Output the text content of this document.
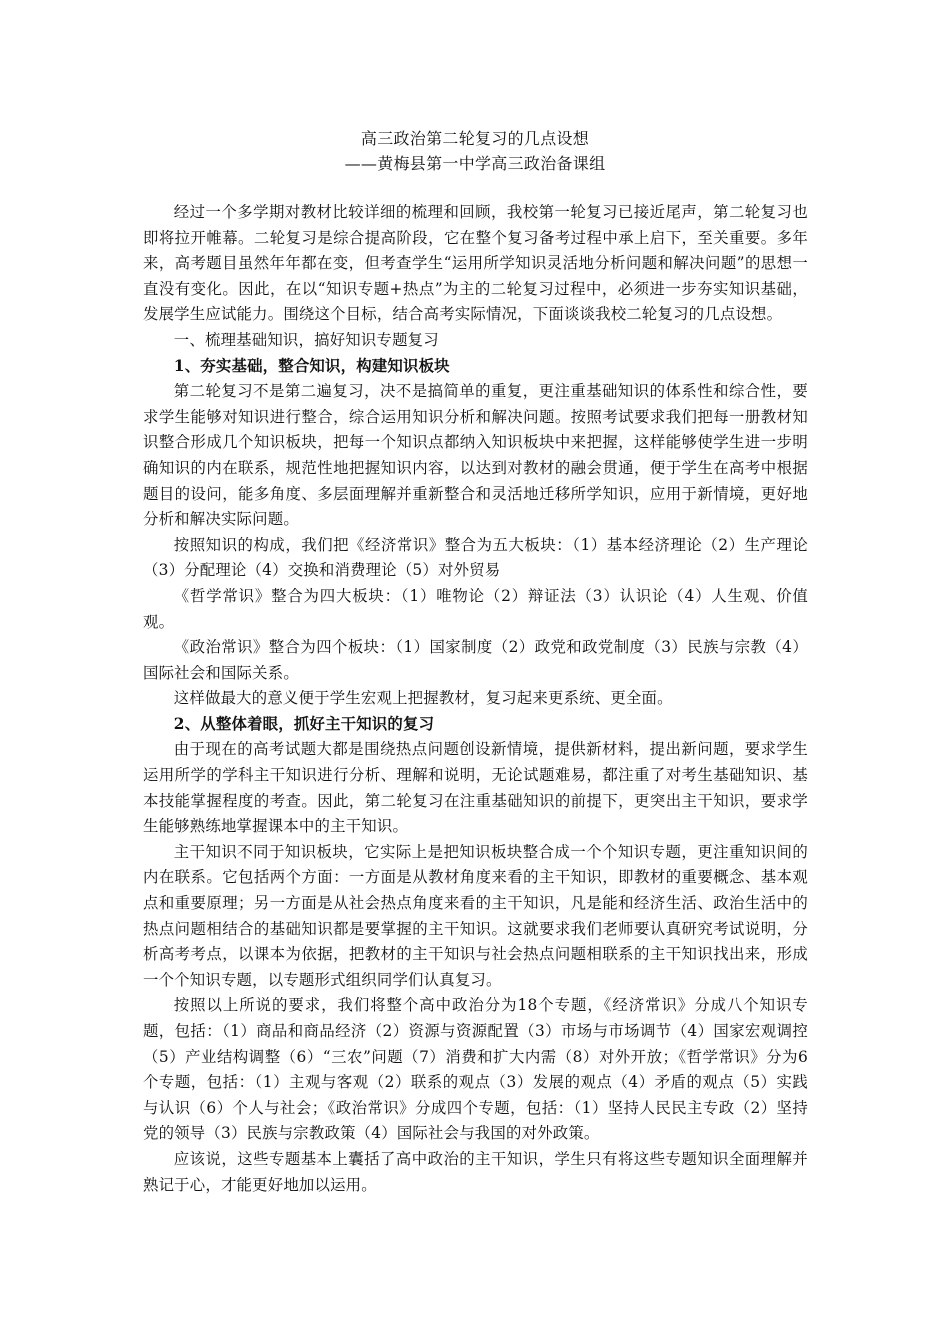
高三政治第二轮复习的几点设想
——黄梅县第一中学高三政治备课组

经过一个多学期对教材比较详细的梳理和回顾，我校第一轮复习已接近尾声，第二轮复习也即将拉开帷幕。二轮复习是综合提高阶段，它在整个复习备考过程中承上启下，至关重要。多年来，高考题目虽然年年都在变，但考查学生“运用所学知识灵活地分析问题和解决问题”的思想一直没有变化。因此，在以“知识专题+热点”为主的二轮复习过程中，必须进一步夯实知识基础，发展学生应试能力。围绕这个目标，结合高考实际情况，下面谈谈我校二轮复习的几点设想。

一、梳理基础知识，搞好知识专题复习

1、夯实基础，整合知识，构建知识板块

第二轮复习不是第二遍复习，决不是搞简单的重复，更注重基础知识的体系性和综合性，要求学生能够对知识进行整合，综合运用知识分析和解决问题。按照考试要求我们把每一册教材知识整合形成几个知识板块，把每一个知识点都纳入知识板块中来把握，这样能够使学生进一步明确知识的内在联系，规范性地把握知识内容，以达到对教材的融会贯通，便于学生在高考中根据题目的设问，能多角度、多层面理解并重新整合和灵活地迁移所学知识，应用于新情境，更好地分析和解决实际问题。

按照知识的构成，我们把《经济常识》整合为五大板块：（1）基本经济理论（2）生产理论（3）分配理论（4）交换和消费理论（5）对外贸易

《哲学常识》整合为四大板块：（1）唯物论（2）辩证法（3）认识论（4）人生观、价值观。

《政治常识》整合为四个板块：（1）国家制度（2）政党和政党制度（3）民族与宗教（4）国际社会和国际关系。

这样做最大的意义便于学生宏观上把握教材，复习起来更系统、更全面。

2、从整体着眼，抓好主干知识的复习

由于现在的高考试题大都是围绕热点问题创设新情境，提供新材料，提出新问题，要求学生运用所学的学科主干知识进行分析、理解和说明，无论试题难易，都注重了对考生基础知识、基本技能掌握程度的考查。因此，第二轮复习在注重基础知识的前提下，更突出主干知识，要求学生能够熟练地掌握课本中的主干知识。

主干知识不同于知识板块，它实际上是把知识板块整合成一个个知识专题，更注重知识间的内在联系。它包括两个方面：一方面是从教材角度来看的主干知识，即教材的重要概念、基本观点和重要原理；另一方面是从社会热点角度来看的主干知识，凡是能和经济生活、政治生活中的热点问题相结合的基础知识都是要掌握的主干知识。这就要求我们老师要认真研究考试说明，分析高考考点，以课本为依据，把教材的主干知识与社会热点问题相联系的主干知识找出来，形成一个个知识专题，以专题形式组织同学们认真复习。

按照以上所说的要求，我们将整个高中政治分为18个专题，《经济常识》分成八个知识专题，包括：（1）商品和商品经济（2）资源与资源配置（3）市场与市场调节（4）国家宏观调控（5）产业结构调整（6）“三农”问题（7）消费和扩大内需（8）对外开放；《哲学常识》分为6个专题，包括：（1）主观与客观（2）联系的观点（3）发展的观点（4）矛盾的观点（5）实践与认识（6）个人与社会；《政治常识》分成四个专题，包括：（1）坚持人民民主专政（2）坚持党的领导（3）民族与宗教政策（4）国际社会与我国的对外政策。

应该说，这些专题基本上囊括了高中政治的主干知识，学生只有将这些专题知识全面理解并熟记于心，才能更好地加以运用。
